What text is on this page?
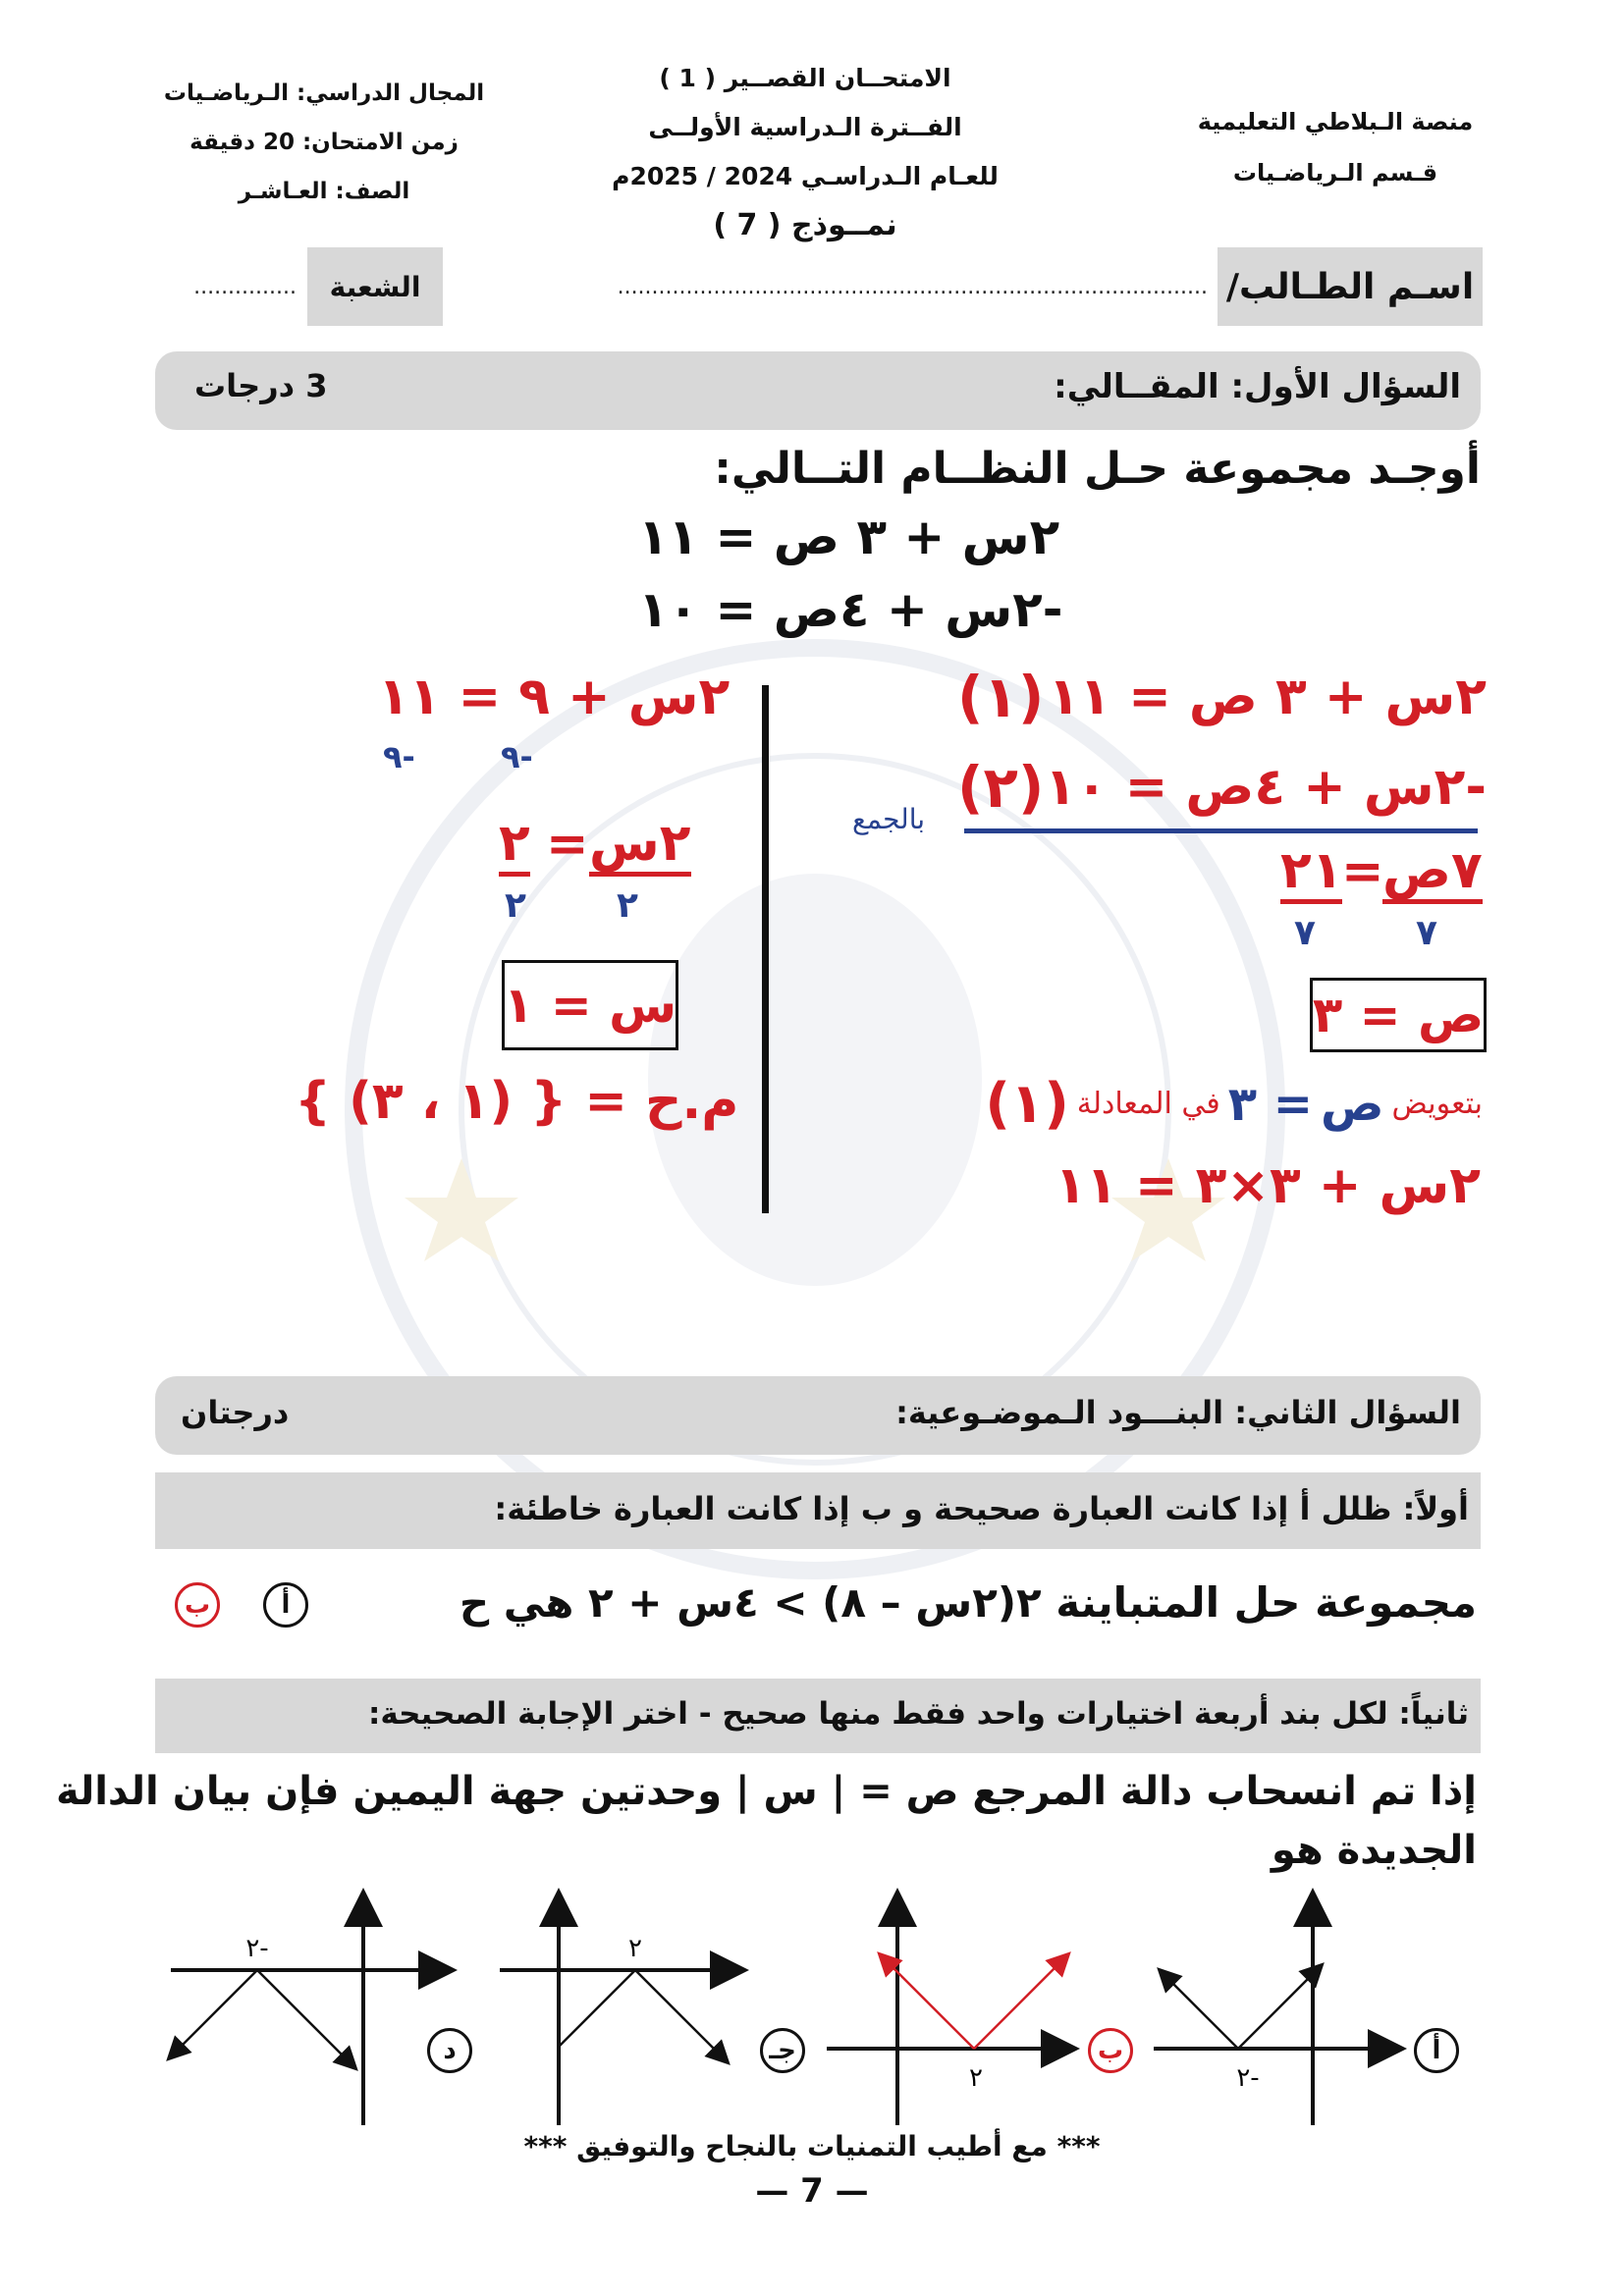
المجال الدراسي: الـرياضـيات
زمن الامتحان: 20 دقيقة
الصف: العـاشـر
الامتحــان القصــير ( 1 )
الفــترة الـدراسية الأولــى
للعـام الـدراسـي 2024 / 2025م
نمــوذج ( 7 )
منصة الـبلاطي التعليمية
قـسم الـرياضـيات
اسـم الطـالب/
......................................................................................
الشعبة
...............
السؤال الأول: المقــالي:
3 درجات
أوجـد مجموعة حـل النظــام التــالي:
٢س + ٣ ص = ١١
-٢س + ٤ص = ١٠
٢س + ٣ ص = ١١
(١)
-٢س + ٤ص = ١٠
(٢)
بالجمع
٧ص
=
٢١
٧
٧
ص = ٣
بتعويض
ص
= ٣
في المعادلة
(١)
٢س + ٣×٣ = ١١
٢س + ٩ = ١١
-٩	-٩
٢س
=
٢
٢
٢
س = ١
م.ح = { (١ ، ٣) }
السؤال الثاني: البنـــود الـموضـوعية:
درجتان
أولاً: ظلل أ إذا كانت العبارة صحيحة و ب إذا كانت العبارة خاطئة:
مجموعة حل المتباينة ٢(٢س – ٨) > ٤س + ٢ هي ح
أ
ب
ثانياً: لكل بند أربعة اختيارات واحد فقط منها صحيح - اختر الإجابة الصحيحة:
إذا تم انسحاب دالة المرجع ص = | س | وحدتين جهة اليمين فإن بيان الدالة
الجديدة هو
أ
-٢
ب
٢
جـ
٢
د
-٢
*** مع أطيب التمنيات بالنجاح والتوفيق ***
— 7 —
